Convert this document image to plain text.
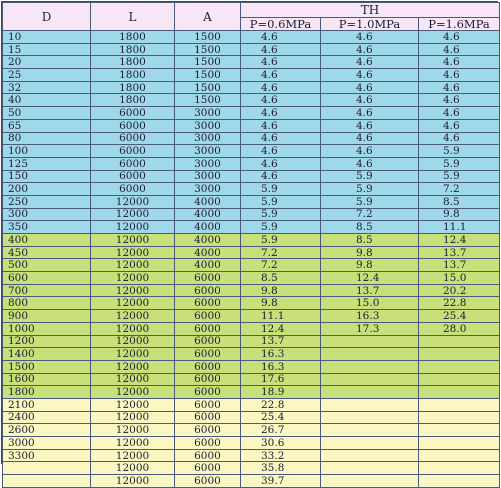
D	L	A	TH		
			P=0.6MPa	P=1.0MPa	P=1.6MPa
10	1800	1500	4.6	4.6	4.6
15	1800	1500	4.6	4.6	4.6
20	1800	1500	4.6	4.6	4.6
25	1800	1500	4.6	4.6	4.6
32	1800	1500	4.6	4.6	4.6
40	1800	1500	4.6	4.6	4.6
50	6000	3000	4.6	4.6	4.6
65	6000	3000	4.6	4.6	4.6
80	6000	3000	4.6	4.6	4.6
100	6000	3000	4.6	4.6	5.9
125	6000	3000	4.6	4.6	5.9
150	6000	3000	4.6	5.9	5.9
200	6000	3000	5.9	5.9	7.2
250	12000	4000	5.9	5.9	8.5
300	12000	4000	5.9	7.2	9.8
350	12000	4000	5.9	8.5	11.1
400	12000	4000	5.9	8.5	12.4
450	12000	4000	7.2	9.8	13.7
500	12000	4000	7.2	9.8	13.7
600	12000	6000	8.5	12.4	15.0
700	12000	6000	9.8	13.7	20.2
800	12000	6000	9.8	15.0	22.8
900	12000	6000	11.1	16.3	25.4
1000	12000	6000	12.4	17.3	28.0
1200	12000	6000	13.7		
1400	12000	6000	16.3		
1500	12000	6000	16.3		
1600	12000	6000	17.6		
1800	12000	6000	18.9		
2100	12000	6000	22.8		
2400	12000	6000	25.4		
2600	12000	6000	26.7		
3000	12000	6000	30.6		
3300	12000	6000	33.2		
	12000	6000	35.8		
	12000	6000	39.7		
